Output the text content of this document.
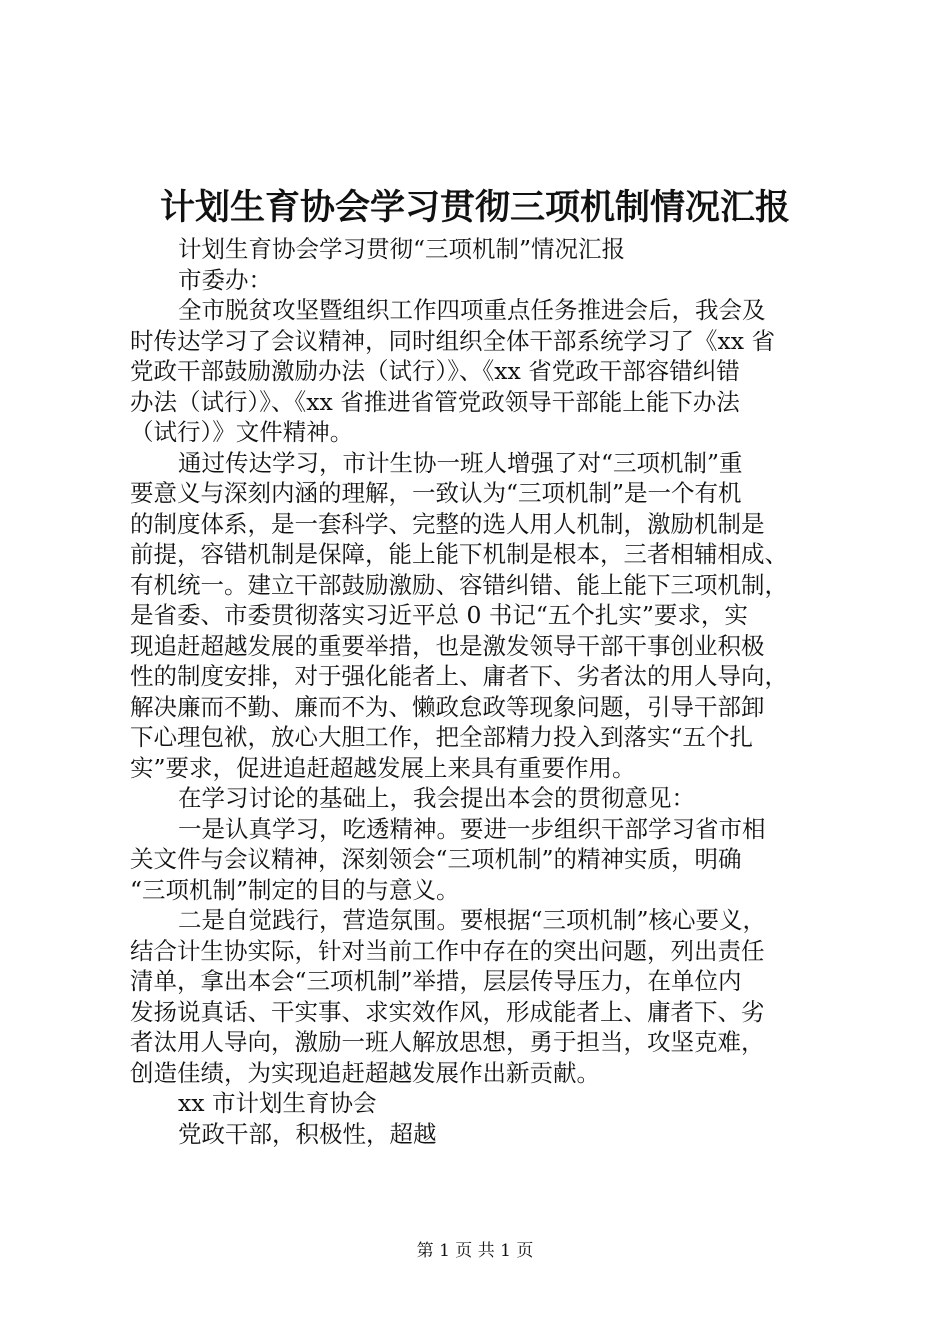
计划生育协会学习贯彻三项机制情况汇报
计划生育协会学习贯彻“三项机制”情况汇报
市委办：
全市脱贫攻坚暨组织工作四项重点任务推进会后，我会及
时传达学习了会议精神，同时组织全体干部系统学习了《xx 省
党政干部鼓励激励办法（试行）》、《xx 省党政干部容错纠错
办法（试行）》、《xx 省推进省管党政领导干部能上能下办法
（试行）》文件精神。
通过传达学习，市计生协一班人增强了对“三项机制”重
要意义与深刻内涵的理解，一致认为“三项机制”是一个有机
的制度体系，是一套科学、完整的选人用人机制，激励机制是
前提，容错机制是保障，能上能下机制是根本，三者相辅相成、
有机统一。建立干部鼓励激励、容错纠错、能上能下三项机制，
是省委、市委贯彻落实习近平总 0 书记“五个扎实”要求，实
现追赶超越发展的重要举措，也是激发领导干部干事创业积极
性的制度安排，对于强化能者上、庸者下、劣者汰的用人导向，
解决廉而不勤、廉而不为、懒政怠政等现象问题，引导干部卸
下心理包袱，放心大胆工作，把全部精力投入到落实“五个扎
实”要求，促进追赶超越发展上来具有重要作用。
在学习讨论的基础上，我会提出本会的贯彻意见：
一是认真学习，吃透精神。要进一步组织干部学习省市相
关文件与会议精神，深刻领会“三项机制”的精神实质，明确
“三项机制”制定的目的与意义。
二是自觉践行，营造氛围。要根据“三项机制”核心要义，
结合计生协实际，针对当前工作中存在的突出问题，列出责任
清单，拿出本会“三项机制”举措，层层传导压力，在单位内
发扬说真话、干实事、求实效作风，形成能者上、庸者下、劣
者汰用人导向，激励一班人解放思想，勇于担当，攻坚克难，
创造佳绩，为实现追赶超越发展作出新贡献。
xx 市计划生育协会
党政干部，积极性，超越
第 1 页 共 1 页
